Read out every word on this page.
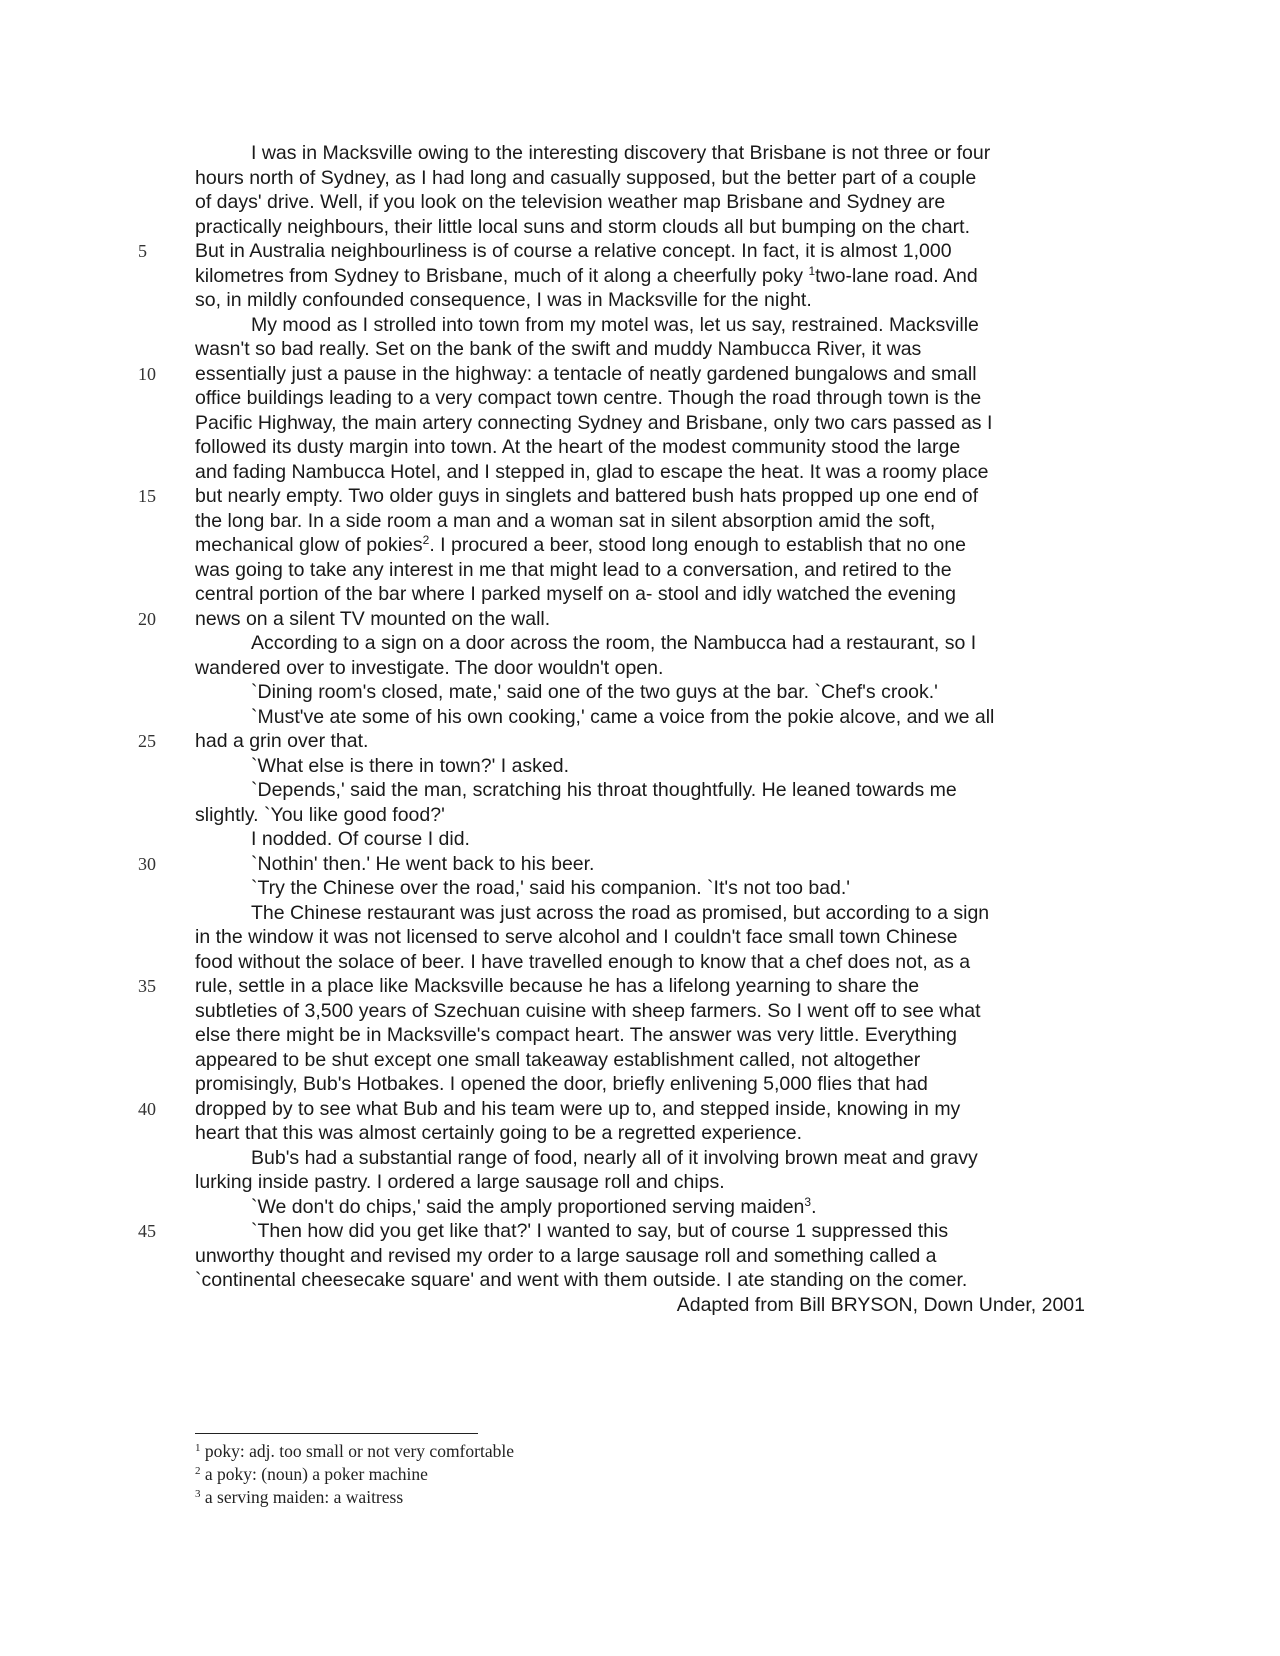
I was in Macksville owing to the interesting discovery that Brisbane is not three or four
hours north of Sydney, as I had long and casually supposed, but the better part of a couple
of days' drive. Well, if you look on the television weather map Brisbane and Sydney are
practically neighbours, their little local suns and storm clouds all but bumping on the chart.
But in Australia neighbourliness is of course a relative concept. In fact, it is almost 1,000
kilometres from Sydney to Brisbane, much of it along a cheerfully poky $^1$two-lane road. And
so, in mildly confounded consequence, I was in Macksville for the night.
My mood as I strolled into town from my motel was, let us say, restrained. Macksville
wasn't so bad really. Set on the bank of the swift and muddy Nambucca River, it was
essentially just a pause in the highway: a tentacle of neatly gardened bungalows and small
office buildings leading to a very compact town centre. Though the road through town is the
Pacific Highway, the main artery connecting Sydney and Brisbane, only two cars passed as I
followed its dusty margin into town. At the heart of the modest community stood the large
and fading Nambucca Hotel, and I stepped in, glad to escape the heat. It was a roomy place
but nearly empty. Two older guys in singlets and battered bush hats propped up one end of
the long bar. In a side room a man and a woman sat in silent absorption amid the soft,
mechanical glow of pokies$^2$. I procured a beer, stood long enough to establish that no one
was going to take any interest in me that might lead to a conversation, and retired to the
central portion of the bar where I parked myself on a- stool and idly watched the evening
news on a silent TV mounted on the wall.
According to a sign on a door across the room, the Nambucca had a restaurant, so I
wandered over to investigate. The door wouldn't open.
`Dining room's closed, mate,' said one of the two guys at the bar. `Chef's crook.'
`Must've ate some of his own cooking,' came a voice from the pokie alcove, and we all
had a grin over that.
`What else is there in town?' I asked.
`Depends,' said the man, scratching his throat thoughtfully. He leaned towards me
slightly. `You like good food?'
I nodded. Of course I did.
`Nothin' then.' He went back to his beer.
`Try the Chinese over the road,' said his companion. `It's not too bad.'
The Chinese restaurant was just across the road as promised, but according to a sign
in the window it was not licensed to serve alcohol and I couldn't face small town Chinese
food without the solace of beer. I have travelled enough to know that a chef does not, as a
rule, settle in a place like Macksville because he has a lifelong yearning to share the
subtleties of 3,500 years of Szechuan cuisine with sheep farmers. So I went off to see what
else there might be in Macksville's compact heart. The answer was very little. Everything
appeared to be shut except one small takeaway establishment called, not altogether
promisingly, Bub's Hotbakes. I opened the door, briefly enlivening 5,000 flies that had
dropped by to see what Bub and his team were up to, and stepped inside, knowing in my
heart that this was almost certainly going to be a regretted experience.
Bub's had a substantial range of food, nearly all of it involving brown meat and gravy
lurking inside pastry. I ordered a large sausage roll and chips.
`We don't do chips,' said the amply proportioned serving maiden$^3$.
`Then how did you get like that?' I wanted to say, but of course 1 suppressed this
unworthy thought and revised my order to a large sausage roll and something called a
`continental cheesecake square' and went with them outside. I ate standing on the comer.
Adapted from Bill BRYSON, Down Under, 2001
5
10
15
20
25
30
35
40
45
$^1$ poky: adj. too small or not very comfortable
$^2$ a poky: (noun) a poker machine
$^3$ a serving maiden: a waitress
